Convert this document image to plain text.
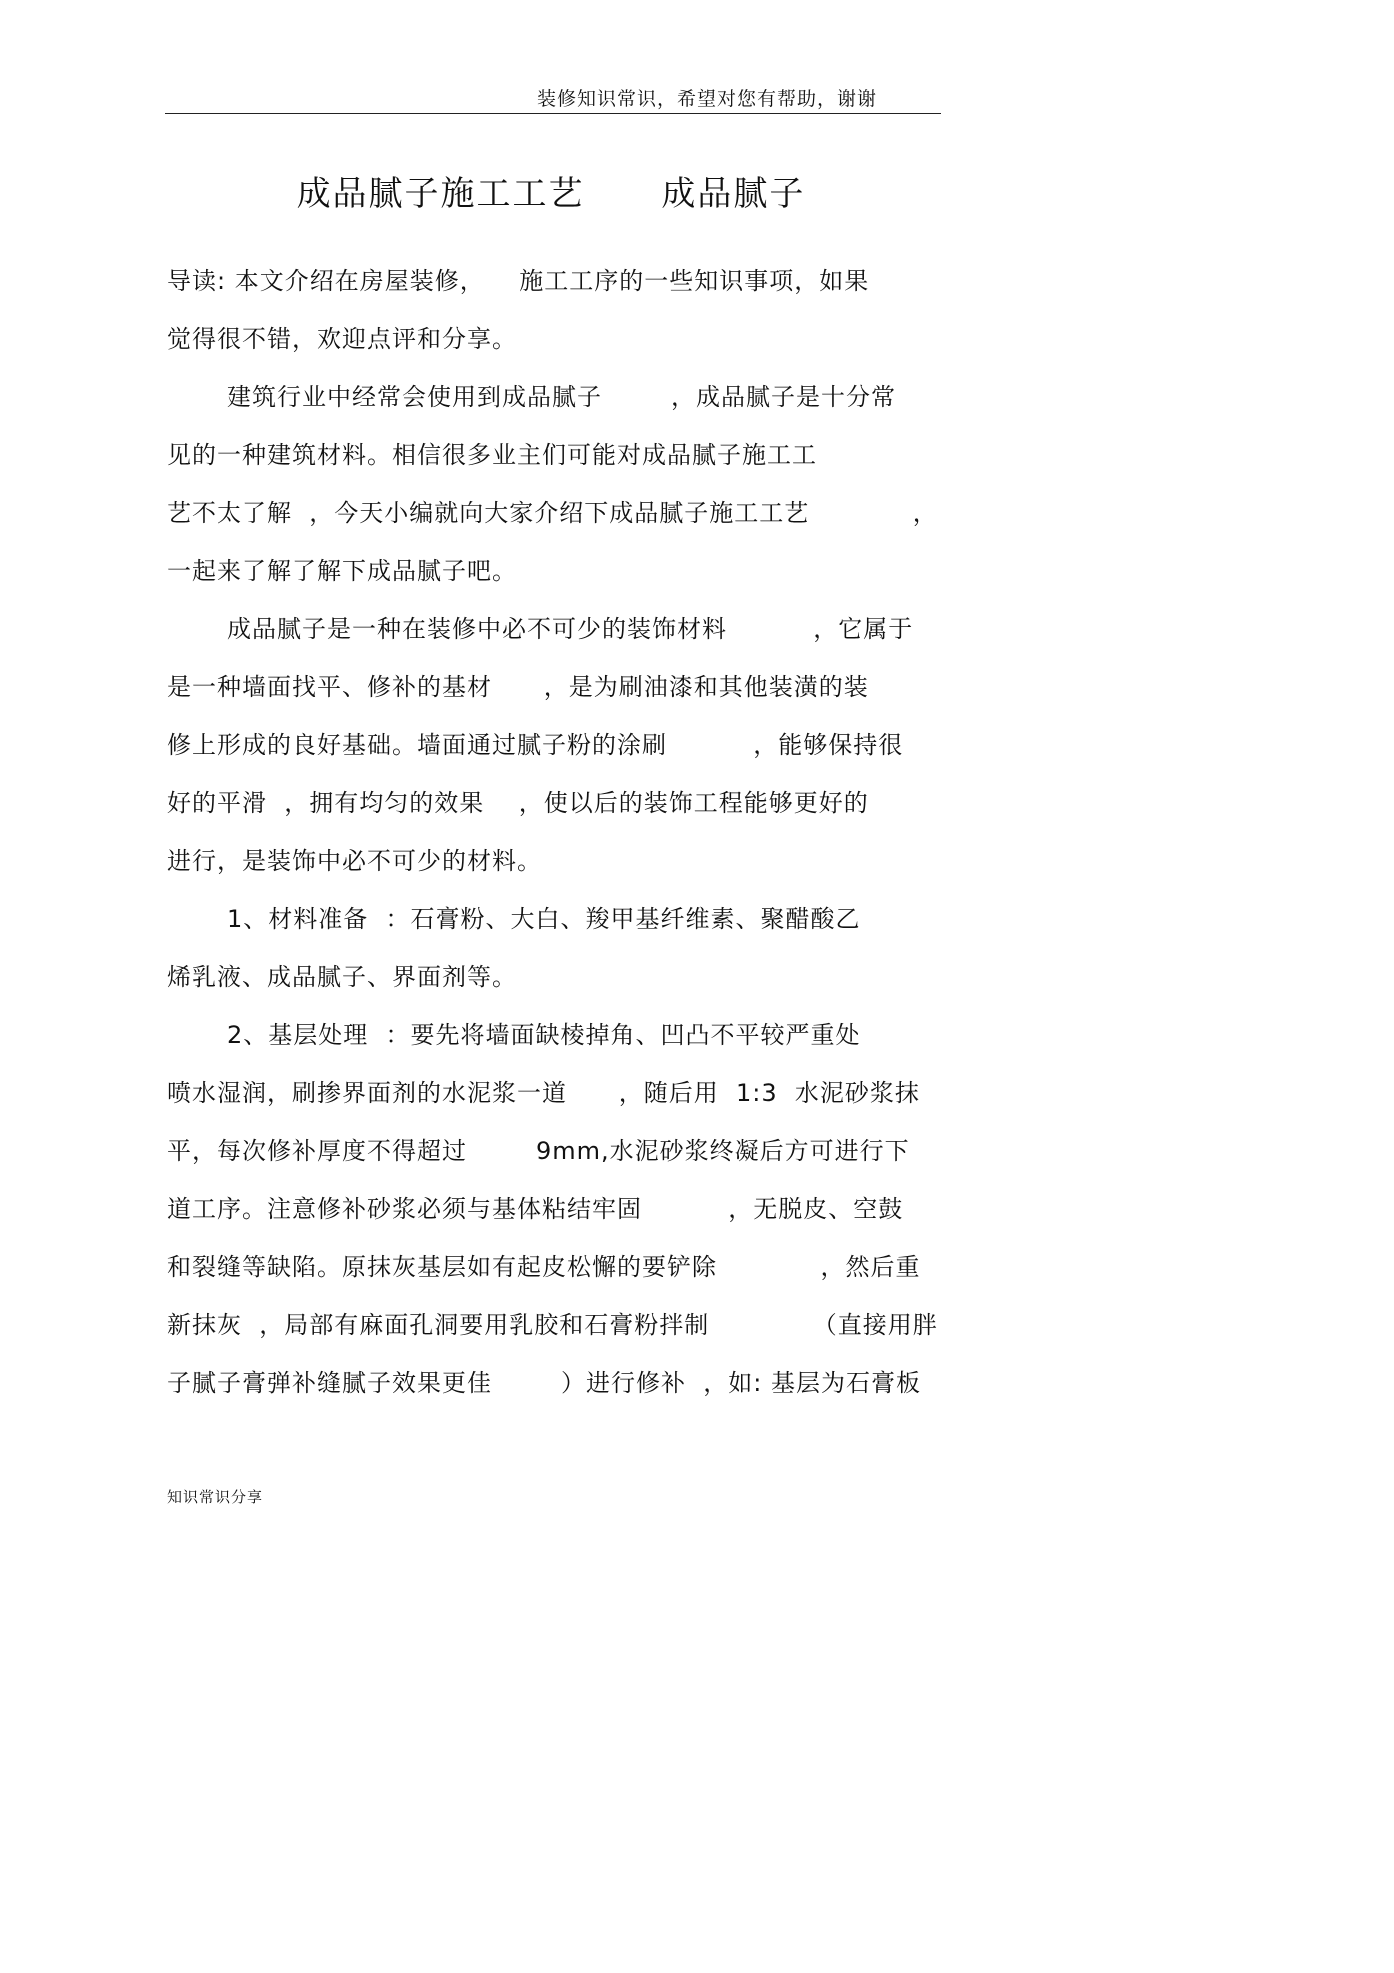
装修知识常识，希望对您有帮助，谢谢
成品腻子施工工艺      成品腻子
导读: 本文介绍在房屋装修，    施工工序的一些知识事项，如果
觉得很不错，欢迎点评和分享。
建筑行业中经常会使用到成品腻子        ，成品腻子是十分常
见的一种建筑材料。相信很多业主们可能对成品腻子施工工
艺不太了解  ，今天小编就向大家介绍下成品腻子施工工艺            ，
一起来了解了解下成品腻子吧。
成品腻子是一种在装修中必不可少的装饰材料          ，它属于
是一种墙面找平、修补的基材      ，是为刷油漆和其他装潢的装
修上形成的良好基础。墙面通过腻子粉的涂刷          ，能够保持很
好的平滑  ，拥有均匀的效果    ，使以后的装饰工程能够更好的
进行，是装饰中必不可少的材料。
1、材料准备  ：石膏粉、大白、羧甲基纤维素、聚醋酸乙
烯乳液、成品腻子、界面剂等。
2、基层处理  ：要先将墙面缺棱掉角、凹凸不平较严重处
喷水湿润，刷掺界面剂的水泥浆一道      ，随后用  1:3  水泥砂浆抹
平，每次修补厚度不得超过        9mm,水泥砂浆终凝后方可进行下
道工序。注意修补砂浆必须与基体粘结牢固          ，无脱皮、空鼓
和裂缝等缺陷。原抹灰基层如有起皮松懈的要铲除            ，然后重
新抹灰  ，局部有麻面孔洞要用乳胶和石膏粉拌制            （直接用胖
子腻子膏弹补缝腻子效果更佳        ）进行修补  ，如: 基层为石膏板
知识常识分享
